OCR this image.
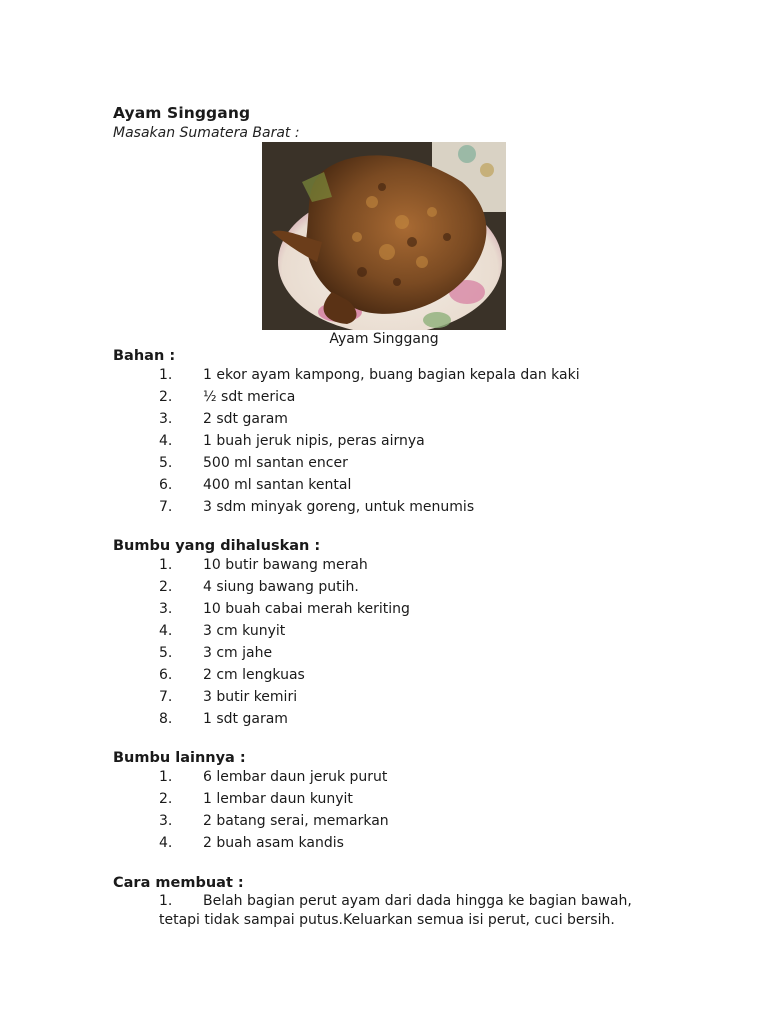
Ayam Singgang
Masakan Sumatera Barat :
Ayam Singgang
Bahan :
1. 1 ekor ayam kampong, buang bagian kepala dan kaki
2. ½ sdt merica
3. 2 sdt garam
4. 1 buah jeruk nipis, peras airnya
5. 500 ml santan encer
6. 400 ml santan kental
7. 3 sdm minyak goreng, untuk menumis
Bumbu yang dihaluskan :
1. 10 butir bawang merah
2. 4 siung bawang putih.
3. 10 buah cabai merah keriting
4. 3 cm kunyit
5. 3 cm jahe
6. 2 cm lengkuas
7. 3 butir kemiri
8. 1 sdt garam
Bumbu lainnya :
1. 6 lembar daun jeruk purut
2. 1 lembar daun kunyit
3. 2 batang serai, memarkan
4. 2 buah asam kandis
Cara membuat :
1. Belah bagian perut ayam dari dada hingga ke bagian bawah,
tetapi tidak sampai putus.Keluarkan semua isi perut, cuci bersih.
